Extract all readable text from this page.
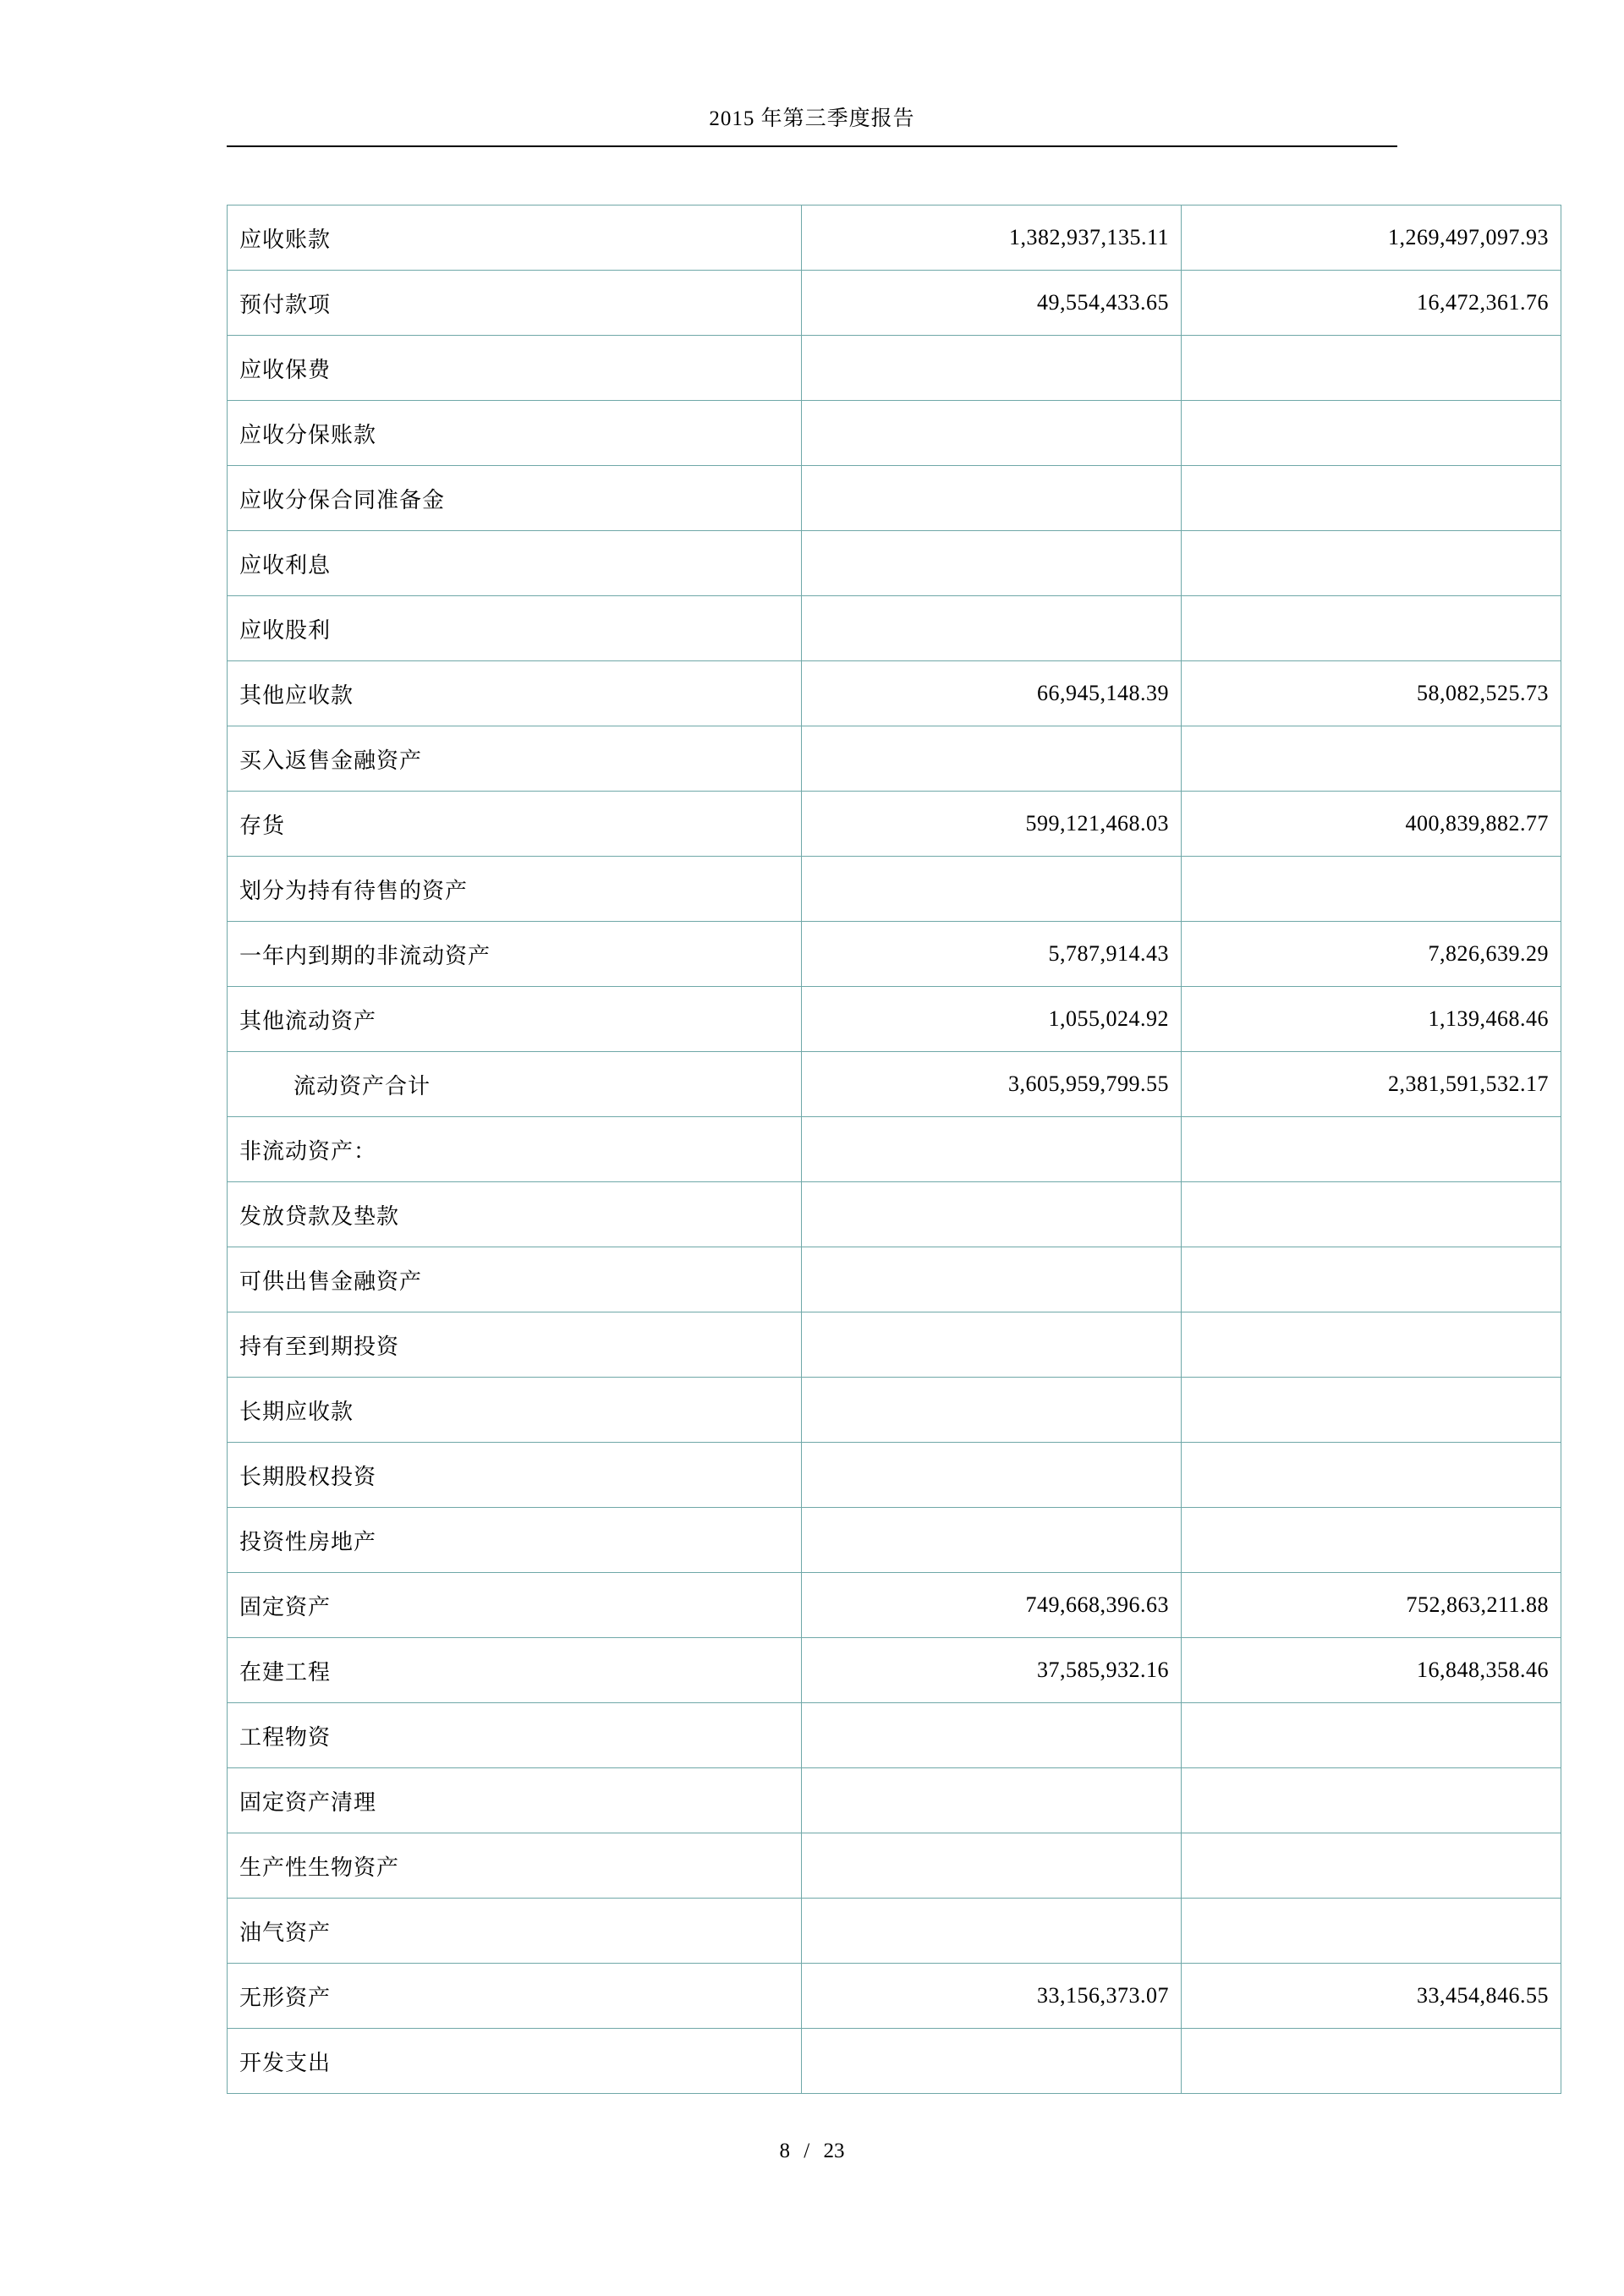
2015 年第三季度报告
应收账款	1,382,937,135.11	1,269,497,097.93
预付款项	49,554,433.65	16,472,361.76
应收保费		
应收分保账款		
应收分保合同准备金		
应收利息		
应收股利		
其他应收款	66,945,148.39	58,082,525.73
买入返售金融资产		
存货	599,121,468.03	400,839,882.77
划分为持有待售的资产		
一年内到期的非流动资产	5,787,914.43	7,826,639.29
其他流动资产	1,055,024.92	1,139,468.46
流动资产合计	3,605,959,799.55	2,381,591,532.17
非流动资产：		
发放贷款及垫款		
可供出售金融资产		
持有至到期投资		
长期应收款		
长期股权投资		
投资性房地产		
固定资产	749,668,396.63	752,863,211.88
在建工程	37,585,932.16	16,848,358.46
工程物资		
固定资产清理		
生产性生物资产		
油气资产		
无形资产	33,156,373.07	33,454,846.55
开发支出		
8 / 23
